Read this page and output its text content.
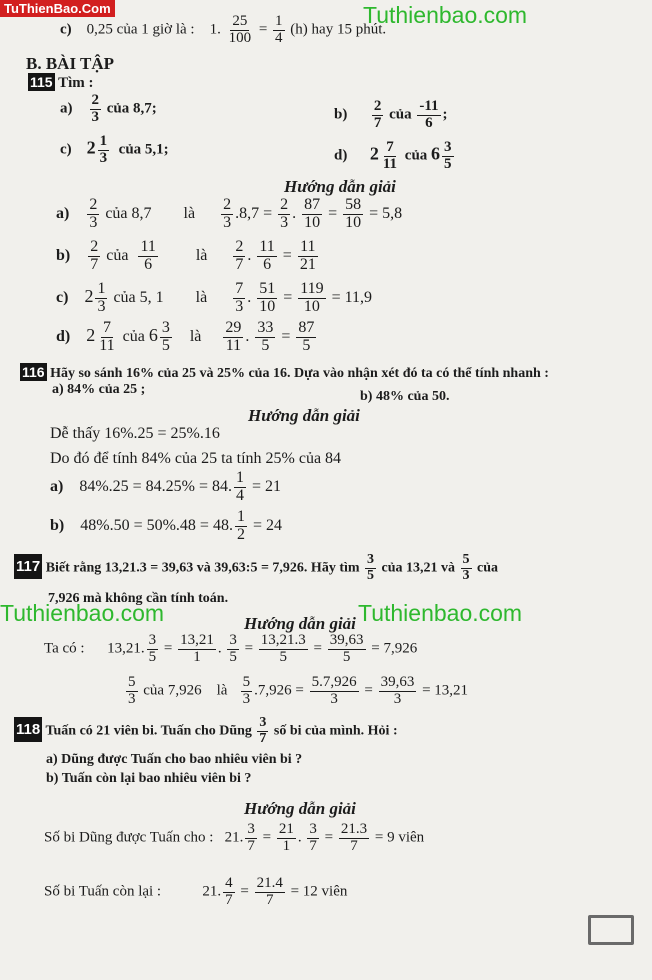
TuThienBao.Com	Tuthienbao.com
Tuthienbao.com	Tuthienbao.com
c) 0,25 của 1 giờ là : 1. $\frac{25}{100} = \frac{1}{4} (h)$ hay 15 phút.
B. BÀI TẬP
115 Tìm :
$a) \frac{2}{3}$ của 8,7;	$b) \frac{2}{7}$ của $\frac{-11}{6}$ ;
c) $2 \frac{1}{3}$ của 5,1;	d) $2 \frac{7}{11}$ của $6 \frac{3}{5}$
Hướng dẫn giải
$a) \frac{2}{3}$ của 8,7 là $\frac{2}{3} .8,7 = \frac{2}{3}$ . $\frac{87}{10} = \frac{58}{10} = 5,8$
$b) \frac{2}{7}$ của $\frac{11}{6}$ là $\frac{2}{7}$ . $\frac{11}{6} = \frac{11}{21}$
c) $2 \frac{1}{3}$ của 5, 1 là $\frac{7}{3}$ . $\frac{51}{10} = \frac{119}{10} = 11,9$
d) $2 \frac{7}{11}$ của $6 \frac{3}{5}$ là $\frac{29}{11}$ . $\frac{33}{5} = \frac{87}{5}$
116 Hãy so sánh 16% của 25 và 25% của 16. Dựa vào nhận xét đó ta có thể tính nhanh :
a) 84% của 25 ;	b) 48% của 50.
Hướng dẫn giải
Dễ thấy 16%.25 = 25%.16
Do đó để tính 84% của 25 ta tính 25% của 84
a) 84%.25 = 84.25% = 84. $\frac{1}{4} = 21$
b) 48%.50 = 50%.48 = 48. $\frac{1}{2} = 24$
117 Biết rằng 13,21.3 = 39,63 và 39,63:5 = 7,926. Hãy tìm $\frac{3}{5}$ của 13,21 và $\frac{5}{3}$ của
7,926 mà không cần tính toán.
Hướng dẫn giải
Ta có : 13,21. $\frac{3}{5} = \frac{13,21}{1}$ . $\frac{3}{5} = \frac{13,21.3}{5} = \frac{39,63}{5} = 7,926$
$\frac{5}{3}$ của 7,926 là $\frac{5}{3} .7,926 = \frac{5.7,926}{3} = \frac{39,63}{3} = 13,21$
118 Tuấn có 21 viên bi. Tuấn cho Dũng $\frac{3}{7}$ số bi của mình. Hỏi :
a) Dũng được Tuấn cho bao nhiêu viên bi ?
b) Tuấn còn lại bao nhiêu viên bi ?
Hướng dẫn giải
Số bi Dũng được Tuấn cho : 21. $\frac{3}{7} = \frac{21}{1}$ . $\frac{3}{7} = \frac{21.3}{7} = 9$ viên
Số bi Tuấn còn lại :	21. $\frac{4}{7} = \frac{21.4}{7} = 12$ viên
